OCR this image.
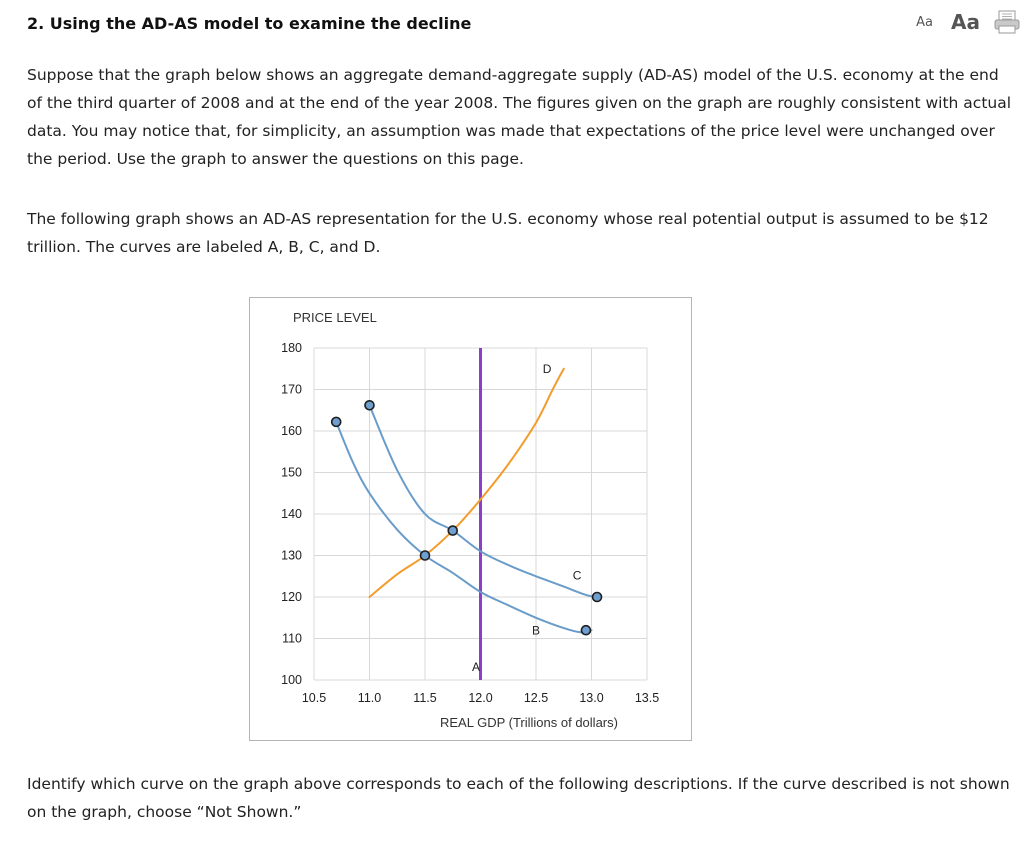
2. Using the AD-AS model to examine the decline	Aa Aa

Suppose that the graph below shows an aggregate demand-aggregate supply (AD-AS) model of the U.S. economy at the end of the third quarter of 2008 and at the end of the year 2008. The figures given on the graph are roughly consistent with actual data. You may notice that, for simplicity, an assumption was made that expectations of the price level were unchanged over the period. Use the graph to answer the questions on this page.

The following graph shows an AD-AS representation for the U.S. economy whose real potential output is assumed to be $12 trillion. The curves are labeled A, B, C, and D.

10.5	11.0	11.5	12.0 12.5 13.0 13.5
100
110
120
130
140
150
160
170
180
PRICE LEVEL
REAL GDP (Trillions of dollars)
A
B
C
D

Identify which curve on the graph above corresponds to each of the following descriptions. If the curve described is not shown on the graph, choose “Not Shown.”
